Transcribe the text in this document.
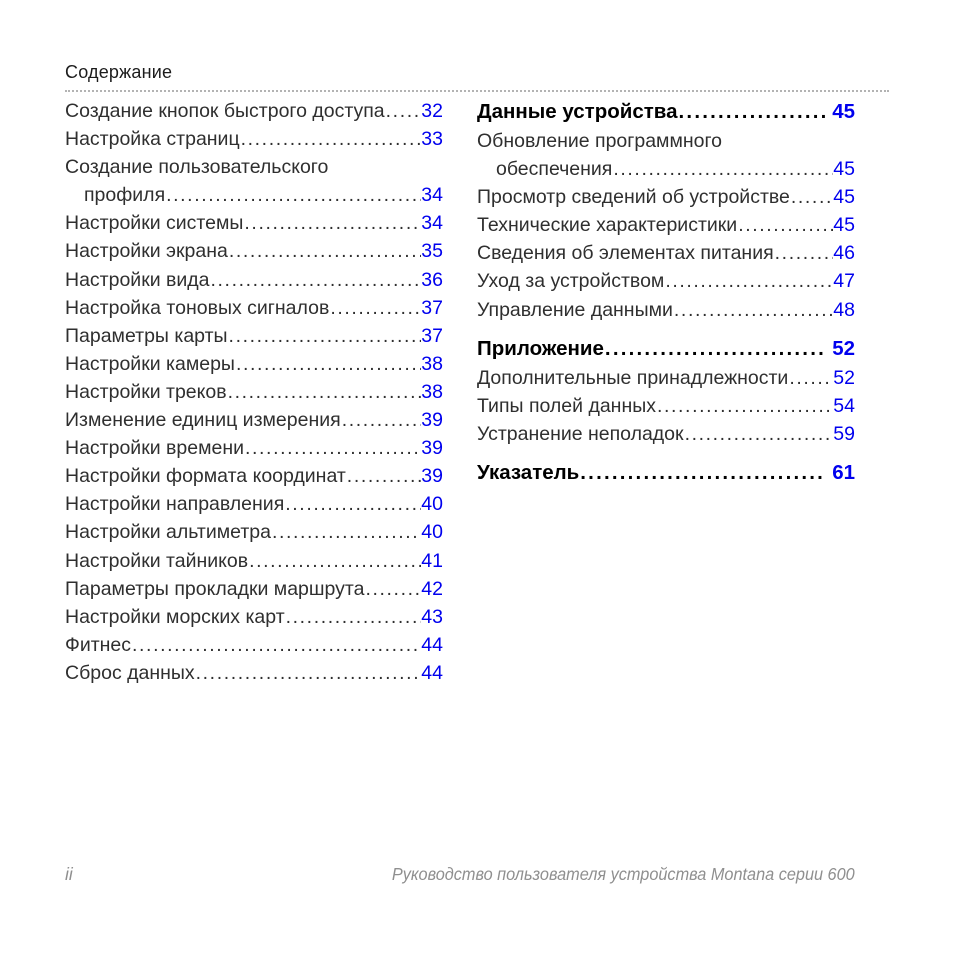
Содержание
Создание кнопок быстрого доступа ..... 32
Настройка страниц .....	33
Создание пользовательского
профиля .....	34
Настройки системы .....	34
Настройки экрана .....	35
Настройки вида .....	36
Настройка тоновых сигналов .....	37
Параметры карты .....	37
Настройки камеры .....	38
Настройки треков .....	38
Изменение единиц измерения .....	39
Настройки времени .....	39
Настройки формата координат .....	39
Настройки направления .....	40
Настройки альтиметра .....	40
Настройки тайников .....	41
Параметры прокладки маршрута .....	42
Настройки морских карт .....	43
Фитнес .....	44
Сброс данных .....	44
Данные устройства .....	45
Обновление программного
обеспечения .....	45
Просмотр сведений об устройстве ..... 45
Технические характеристики .....	45
Сведения об элементах питания .....	46
Уход за устройством .....	47
Управление данными .....	48
Приложение .....	52
Дополнительные принадлежности ..... 52
Типы полей данных .....	54
Устранение неполадок .....	59
Указатель .....	61
ii	Руководство пользователя устройства Montana серии 600
